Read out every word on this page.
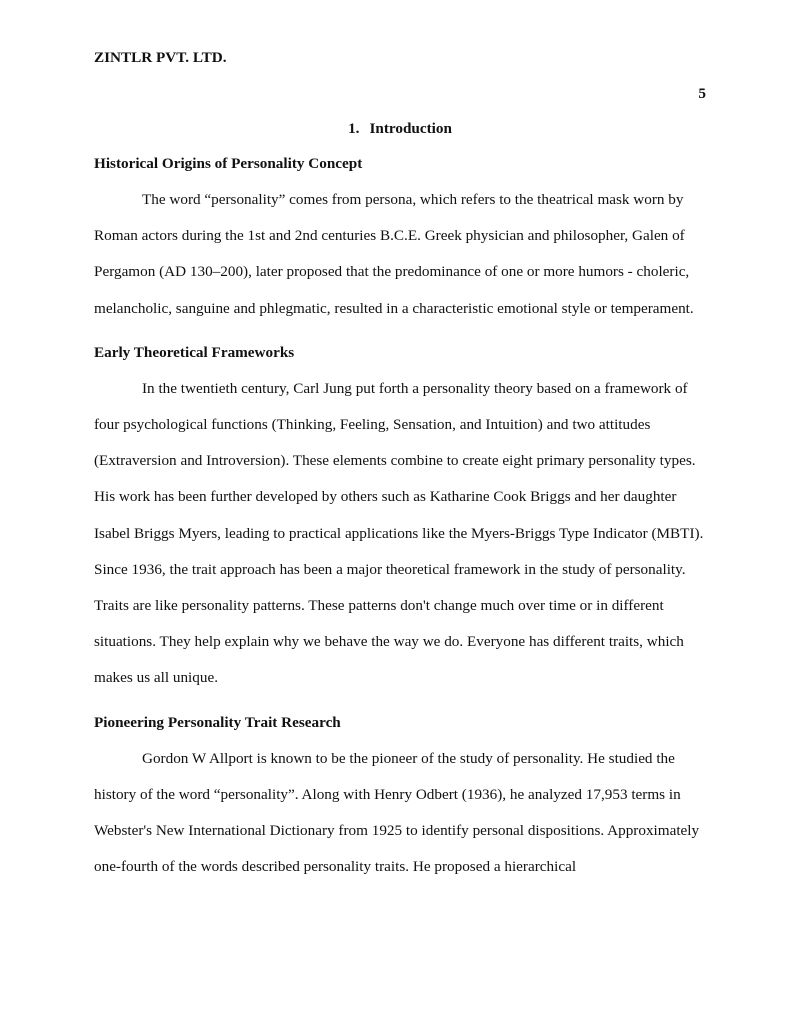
ZINTLR PVT. LTD.
5
1. Introduction
Historical Origins of Personality Concept

The word “personality” comes from persona, which refers to the theatrical mask worn by Roman actors during the 1st and 2nd centuries B.C.E. Greek physician and philosopher, Galen of Pergamon (AD 130–200), later proposed that the predominance of one or more humors - choleric, melancholic, sanguine and phlegmatic, resulted in a characteristic emotional style or temperament.

Early Theoretical Frameworks

In the twentieth century, Carl Jung put forth a personality theory based on a framework of four psychological functions (Thinking, Feeling, Sensation, and Intuition) and two attitudes (Extraversion and Introversion). These elements combine to create eight primary personality types. His work has been further developed by others such as Katharine Cook Briggs and her daughter Isabel Briggs Myers, leading to practical applications like the Myers-Briggs Type Indicator (MBTI). Since 1936, the trait approach has been a major theoretical framework in the study of personality. Traits are like personality patterns. These patterns don't change much over time or in different situations. They help explain why we behave the way we do. Everyone has different traits, which makes us all unique.

Pioneering Personality Trait Research

Gordon W Allport is known to be the pioneer of the study of personality. He studied the history of the word “personality”. Along with Henry Odbert (1936), he analyzed 17,953 terms in Webster's New International Dictionary from 1925 to identify personal dispositions. Approximately one-fourth of the words described personality traits. He proposed a hierarchical
